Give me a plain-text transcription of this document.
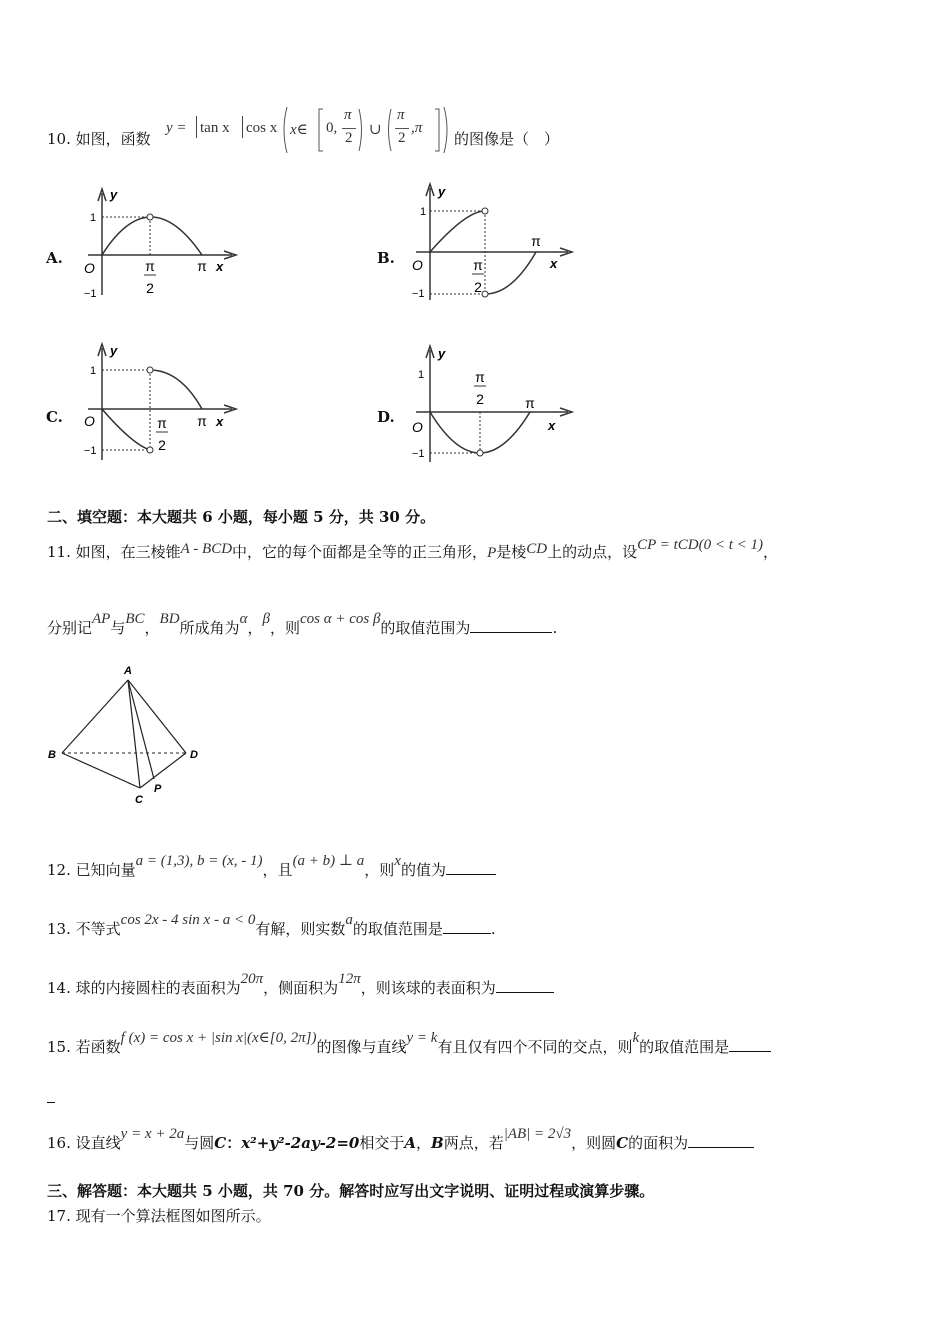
10. 如图，函数
y = tan x cos x x∈ 0,
π
2 ∪
π
2
,π
的图像是（　）
A.
y
1
O
−1
π
2
π x	B.
y
1
O
−1
π
2
π
x
C.
y
1
O
−1
π
2
π x	D.
y
1
O
−1
π
2	π
x
二、填空题：本大题共 6 小题，每小题 5 分，共 30 分。
11. 如图，在三棱锥A - BCD中，它的每个面都是全等的正三角形，P是棱CD上的动点，设CP = tCD(0 < t < 1)，
分别记AP与BC，BD所成角为α，β，则cos α + cos β的取值范围为	.
A
B	D
C
P
12. 已知向量a = (1,3), b = (x, - 1)，且(a + b) ⊥ a，则x的值为
13. 不等式cos 2x - 4 sin x - a < 0有解，则实数a的取值范围是	.
14. 球的内接圆柱的表面积为20π，侧面积为12π，则该球的表面积为
15. 若函数f (x) = cos x + |sin x|(x∈[0, 2π])的图像与直线y = k有且仅有四个不同的交点，则k的取值范围是
16. 设直线y = x + 2a与圆C：x²+y²-2ay-2=0相交于A，B两点，若|AB| = 2√3，则圆C的面积为
三、解答题：本大题共 5 小题，共 70 分。解答时应写出文字说明、证明过程或演算步骤。
17. 现有一个算法框图如图所示。
